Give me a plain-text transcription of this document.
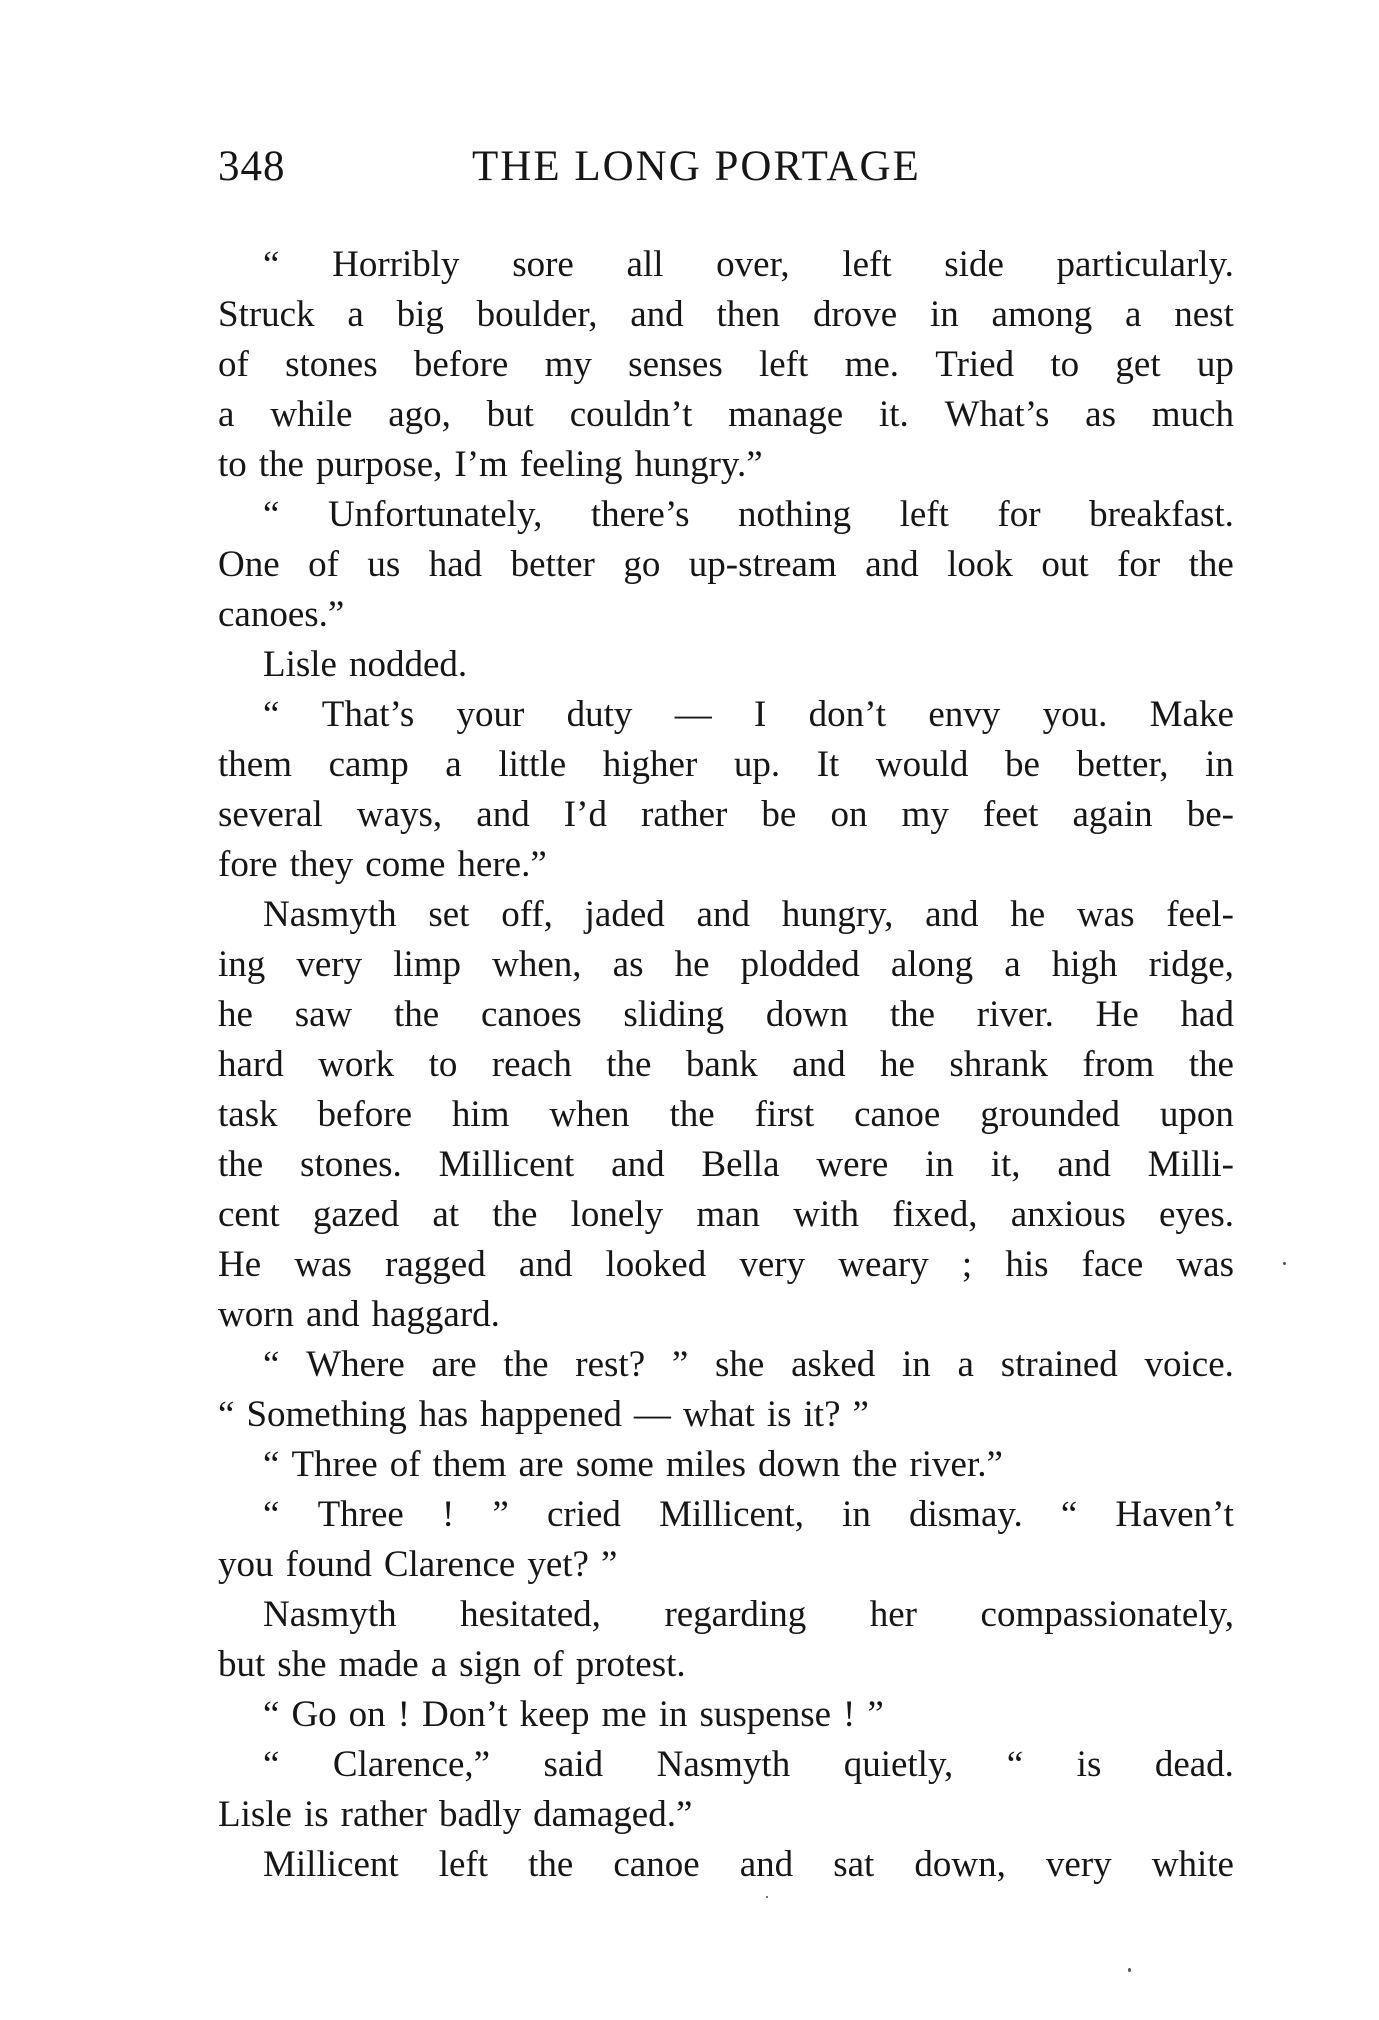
348	THE LONG PORTAGE
“ Horribly sore all over, left side particularly.
Struck a big boulder, and then drove in among a nest
of stones before my senses left me. Tried to get up
a while ago, but couldn’t manage it. What’s as much
to the purpose, I’m feeling hungry.”
“ Unfortunately, there’s nothing left for breakfast.
One of us had better go up-stream and look out for the
canoes.”
Lisle nodded.
“ That’s your duty — I don’t envy you. Make
them camp a little higher up. It would be better, in
several ways, and I’d rather be on my feet again be-
fore they come here.”
Nasmyth set off, jaded and hungry, and he was feel-
ing very limp when, as he plodded along a high ridge,
he saw the canoes sliding down the river. He had
hard work to reach the bank and he shrank from the
task before him when the first canoe grounded upon
the stones. Millicent and Bella were in it, and Milli-
cent gazed at the lonely man with fixed, anxious eyes.
He was ragged and looked very weary ; his face was
worn and haggard.
“ Where are the rest? ” she asked in a strained voice.
“ Something has happened — what is it? ”
“ Three of them are some miles down the river.”
“ Three ! ” cried Millicent, in dismay. “ Haven’t
you found Clarence yet? ”
Nasmyth hesitated, regarding her compassionately,
but she made a sign of protest.
“ Go on ! Don’t keep me in suspense ! ”
“ Clarence,” said Nasmyth quietly, “ is dead.
Lisle is rather badly damaged.”
Millicent left the canoe and sat down, very white
